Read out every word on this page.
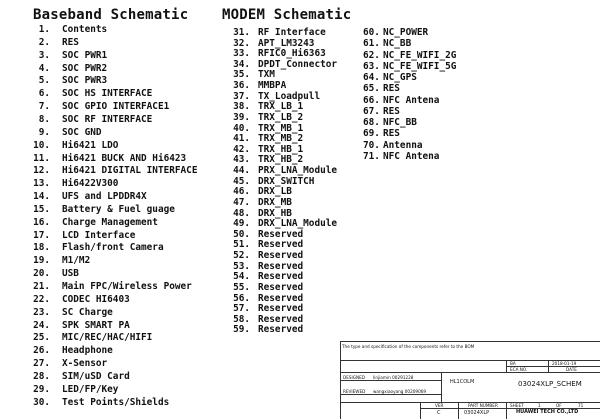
Baseband Schematic MODEM Schematic
1. Contents
2. RES
3. SOC PWR1
4. SOC PWR2
5. SOC PWR3
6. SOC HS INTERFACE
7. SOC GPIO INTERFACE1
8. SOC RF INTERFACE
9. SOC GND
10. Hi6421 LDO
11. Hi6421 BUCK AND Hi6423
12. Hi6421 DIGITAL INTERFACE
13. Hi6422V300
14. UFS and LPDDR4X
15. Battery & Fuel guage
16. Charge Management
17. LCD Interface
18. Flash/front Camera
19. M1/M2
20. USB
21. Main FPC/Wireless Power
22. CODEC HI6403
23. SC Charge
24. SPK SMART PA
25. MIC/REC/HAC/HIFI
26. Headphone
27. X-Sensor
28. SIM/uSD Card
29. LED/FP/Key
30. Test Points/Shields
31. RF Interface
32. APT_LM3243
33. RFIC0_Hi6363
34. DPDT_Connector
35. TXM
36. MMBPA
37. TX_Loadpull
38. TRX_LB_1
39. TRX_LB_2
40. TRX_MB_1
41. TRX_MB_2
42. TRX_HB_1
43. TRX_HB_2
44. PRX_LNA_Module
45. DRX_SWITCH
46. DRX_LB
47. DRX_MB
48. DRX_HB
49. DRX_LNA_Module
50. Reserved
51. Reserved
52. Reserved
53. Reserved
54. Reserved
55. Reserved
56. Reserved
57. Reserved
58. Reserved
59. Reserved
60. NC_POWER
61. NC_BB
62. NC_FE_WIFI_2G
63. NC_FE_WIFI_5G
64. NC_GPS
65. RES
66. NFC Antena
67. RES
68. NFC_BB
69. RES
70. Antenna
71. NFC Antena
The type and specification of the components refer to the BOM
BA	2018-01-19
ECA NO.	DATE
DESIGNED linjiamin 00291228
REVIEWED wangxiaoyang 00209069
HL1COLM	03024XLP_SCHEM
VER	PART NUMBER	SHEET	1	OF	71
C	03024XLP	HUAWEI TECH CO.,LTD
